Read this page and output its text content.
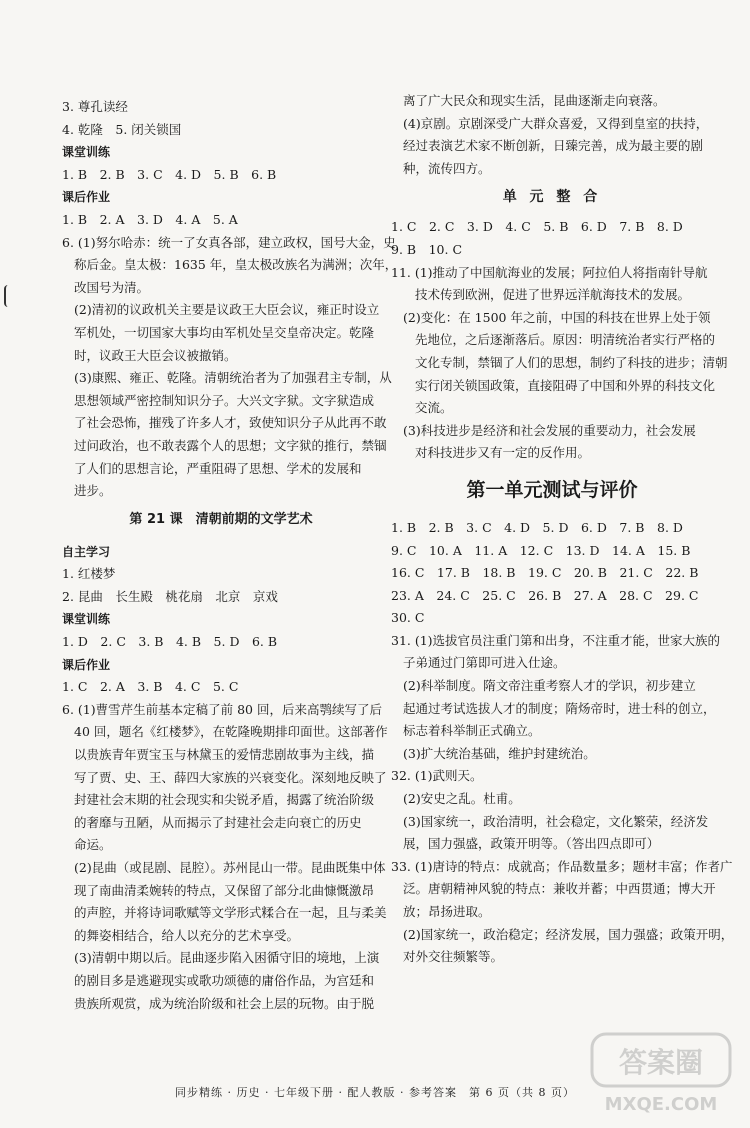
3. 尊孔读经

4. 乾隆　5. 闭关锁国

课堂训练

1. B　2. B　3. C　4. D　5. B　6. B

课后作业

1. B　2. A　3. D　4. A　5. A

6. (1)努尔哈赤：统一了女真各部，建立政权，国号大金，史

称后金。皇太极：1635 年，皇太极改族名为满洲；次年，

改国号为清。

(2)清初的议政机关主要是议政王大臣会议，雍正时设立

军机处，一切国家大事均由军机处呈交皇帝决定。乾隆

时，议政王大臣会议被撤销。

(3)康熙、雍正、乾隆。清朝统治者为了加强君主专制，从

思想领域严密控制知识分子。大兴文字狱。文字狱造成

了社会恐怖，摧残了许多人才，致使知识分子从此再不敢

过问政治，也不敢表露个人的思想；文字狱的推行，禁锢

了人们的思想言论，严重阻碍了思想、学术的发展和

进步。

第 21 课　清朝前期的文学艺术

自主学习

1. 红楼梦

2. 昆曲　长生殿　桃花扇　北京　京戏

课堂训练

1. D　2. C　3. B　4. B　5. D　6. B

课后作业

1. C　2. A　3. B　4. C　5. C

6. (1)曹雪芹生前基本定稿了前 80 回，后来高鹗续写了后

40 回，题名《红楼梦》，在乾隆晚期排印面世。这部著作

以贵族青年贾宝玉与林黛玉的爱情悲剧故事为主线，描

写了贾、史、王、薛四大家族的兴衰变化。深刻地反映了

封建社会末期的社会现实和尖锐矛盾，揭露了统治阶级

的奢靡与丑陋，从而揭示了封建社会走向衰亡的历史

命运。

(2)昆曲（或昆剧、昆腔）。苏州昆山一带。昆曲既集中体

现了南曲清柔婉转的特点，又保留了部分北曲慷慨激昂

的声腔，并将诗词歌赋等文学形式糅合在一起，且与柔美

的舞姿相结合，给人以充分的艺术享受。

(3)清朝中期以后。昆曲逐步陷入困循守旧的境地，上演

的剧目多是逃避现实或歌功颂德的庸俗作品，为宫廷和

贵族所观赏，成为统治阶级和社会上层的玩物。由于脱

离了广大民众和现实生活，昆曲逐渐走向衰落。

(4)京剧。京剧深受广大群众喜爱，又得到皇室的扶持，

经过表演艺术家不断创新，日臻完善，成为最主要的剧

种，流传四方。

单 元 整 合

1. C　2. C　3. D　4. C　5. B　6. D　7. B　8. D

9. B　10. C

11. (1)推动了中国航海业的发展；阿拉伯人将指南针导航

技术传到欧洲，促进了世界远洋航海技术的发展。

(2)变化：在 1500 年之前，中国的科技在世界上处于领

先地位，之后逐渐落后。原因：明清统治者实行严格的

文化专制，禁锢了人们的思想，制约了科技的进步；清朝

实行闭关锁国政策，直接阻碍了中国和外界的科技文化

交流。

(3)科技进步是经济和社会发展的重要动力，社会发展

对科技进步又有一定的反作用。

第一单元测试与评价

1. B　2. B　3. C　4. D　5. D　6. D　7. B　8. D

9. C　10. A　11. A　12. C　13. D　14. A　15. B

16. C　17. B　18. B　19. C　20. B　21. C　22. B

23. A　24. C　25. C　26. B　27. A　28. C　29. C

30. C

31. (1)选拔官员注重门第和出身，不注重才能，世家大族的

子弟通过门第即可进入仕途。

(2)科举制度。隋文帝注重考察人才的学识，初步建立

起通过考试选拔人才的制度；隋炀帝时，进士科的创立，

标志着科举制正式确立。

(3)扩大统治基础，维护封建统治。

32. (1)武则天。

(2)安史之乱。杜甫。

(3)国家统一，政治清明，社会稳定，文化繁荣，经济发

展，国力强盛，政策开明等。（答出四点即可）

33. (1)唐诗的特点：成就高；作品数量多；题材丰富；作者广

泛。唐朝精神风貌的特点：兼收并蓄；中西贯通；博大开

放；昂扬进取。

(2)国家统一，政治稳定；经济发展，国力强盛；政策开明，

对外交往频繁等。

同步精练 · 历史 · 七年级下册 · 配人教版 · 参考答案　第 6 页（共 8 页）
答案圈
MXQE.COM
